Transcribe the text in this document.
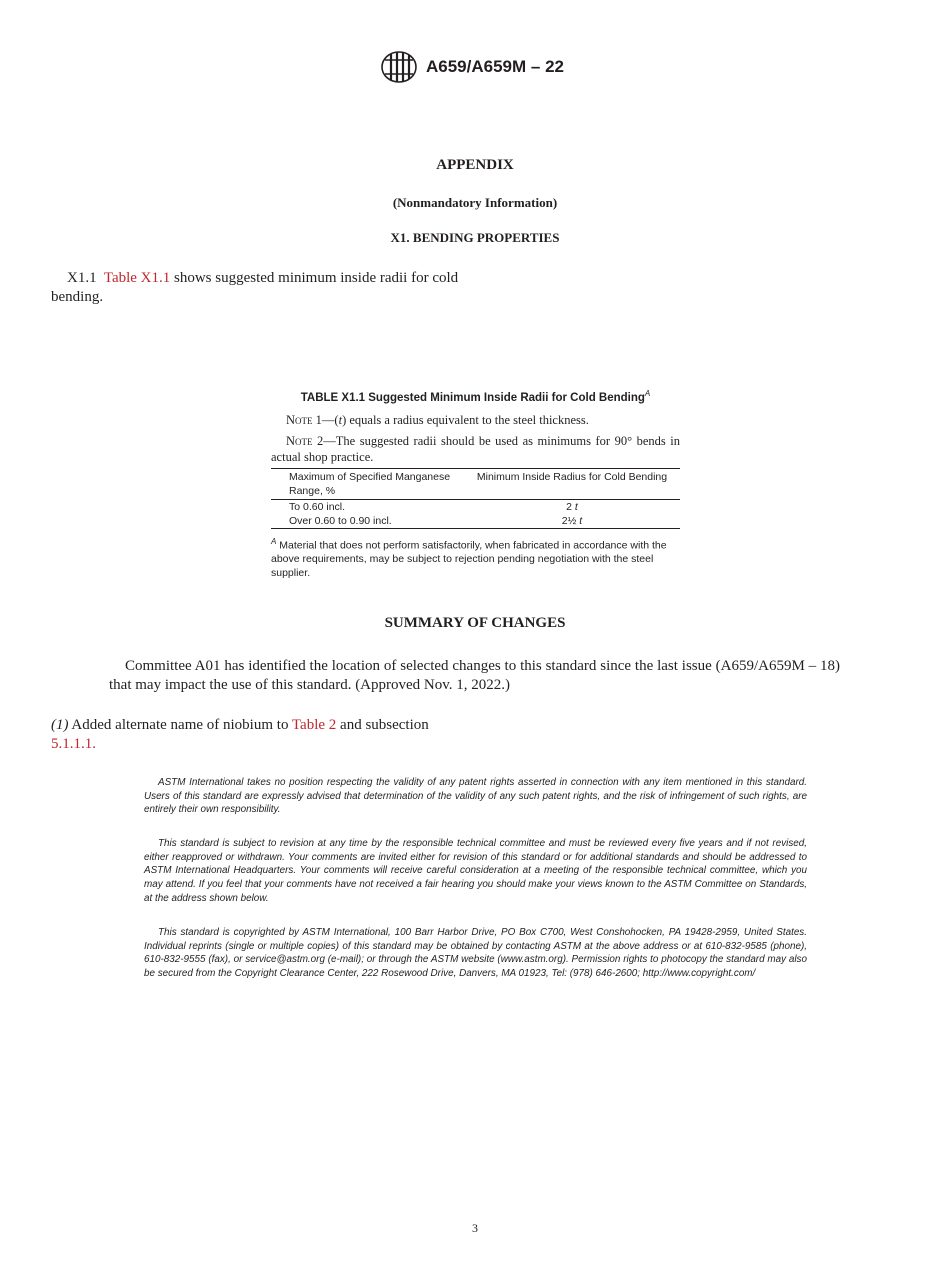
A659/A659M – 22
APPENDIX
(Nonmandatory Information)
X1. BENDING PROPERTIES
X1.1 Table X1.1 shows suggested minimum inside radii for cold bending.
TABLE X1.1 Suggested Minimum Inside Radii for Cold Bending$^A$
Note 1—(t) equals a radius equivalent to the steel thickness.
Note 2—The suggested radii should be used as minimums for 90° bends in actual shop practice.
Maximum of Specified Manganese Range, %	Minimum Inside Radius for Cold Bending
To 0.60 incl.	2 t
Over 0.60 to 0.90 incl.	2½ t
$^A$ Material that does not perform satisfactorily, when fabricated in accordance with the above requirements, may be subject to rejection pending negotiation with the steel supplier.
SUMMARY OF CHANGES
Committee A01 has identified the location of selected changes to this standard since the last issue (A659/A659M – 18) that may impact the use of this standard. (Approved Nov. 1, 2022.)
(1) Added alternate name of niobium to Table 2 and subsection 5.1.1.1.
ASTM International takes no position respecting the validity of any patent rights asserted in connection with any item mentioned in this standard. Users of this standard are expressly advised that determination of the validity of any such patent rights, and the risk of infringement of such rights, are entirely their own responsibility.
This standard is subject to revision at any time by the responsible technical committee and must be reviewed every five years and if not revised, either reapproved or withdrawn. Your comments are invited either for revision of this standard or for additional standards and should be addressed to ASTM International Headquarters. Your comments will receive careful consideration at a meeting of the responsible technical committee, which you may attend. If you feel that your comments have not received a fair hearing you should make your views known to the ASTM Committee on Standards, at the address shown below.
This standard is copyrighted by ASTM International, 100 Barr Harbor Drive, PO Box C700, West Conshohocken, PA 19428-2959, United States. Individual reprints (single or multiple copies) of this standard may be obtained by contacting ASTM at the above address or at 610-832-9585 (phone), 610-832-9555 (fax), or service@astm.org (e-mail); or through the ASTM website (www.astm.org). Permission rights to photocopy the standard may also be secured from the Copyright Clearance Center, 222 Rosewood Drive, Danvers, MA 01923, Tel: (978) 646-2600; http://www.copyright.com/
3
